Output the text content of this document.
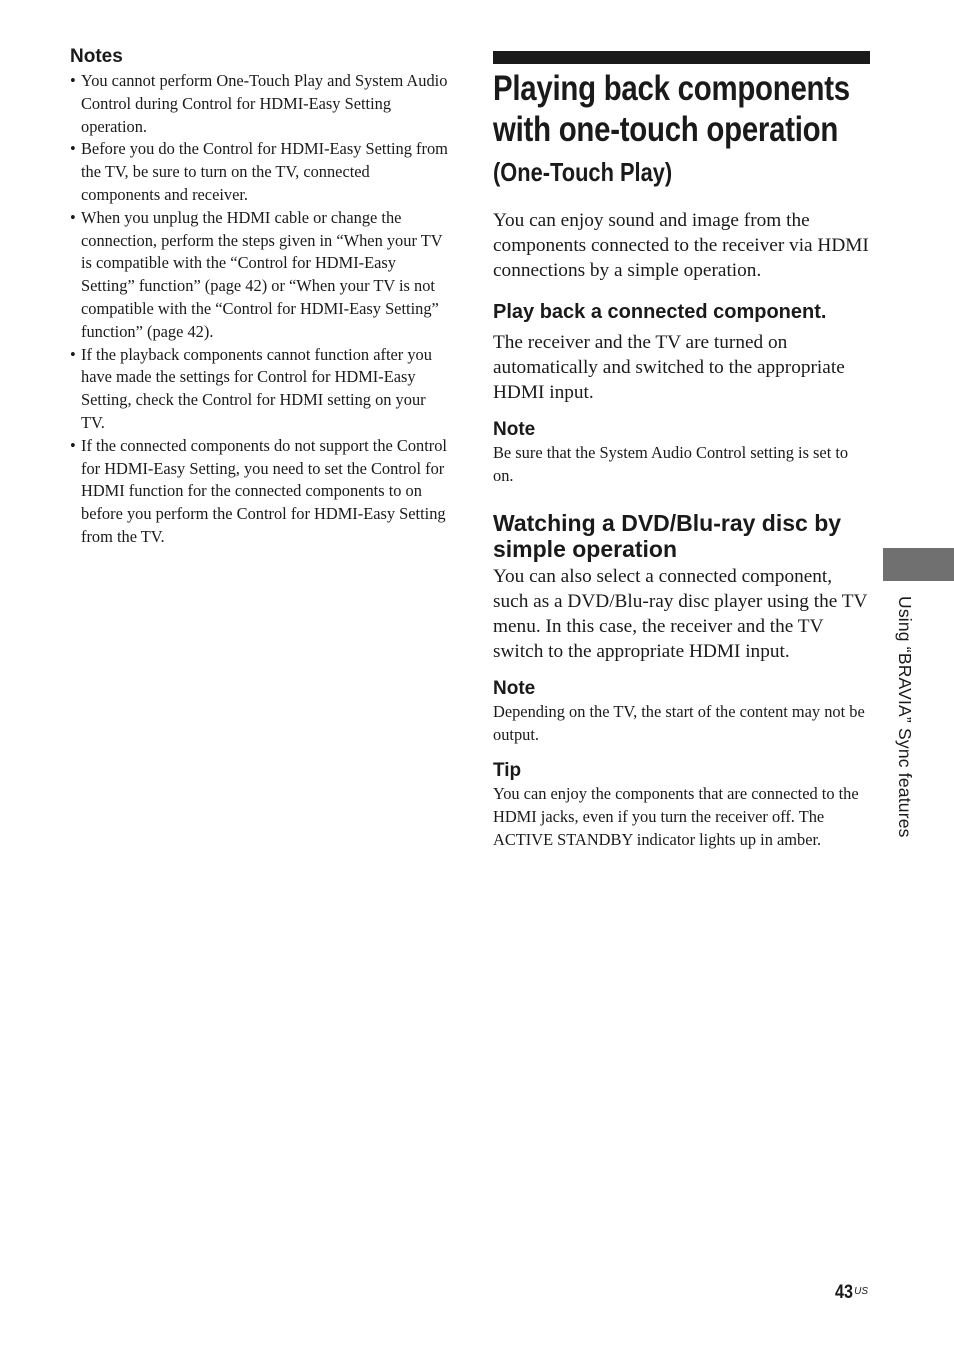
Notes
• You cannot perform One-Touch Play and System Audio Control during Control for HDMI-Easy Setting operation.
• Before you do the Control for HDMI-Easy Setting from the TV, be sure to turn on the TV, connected components and receiver.
• When you unplug the HDMI cable or change the connection, perform the steps given in “When your TV is compatible with the “Control for HDMI-Easy Setting” function” (page 42) or “When your TV is not compatible with the “Control for HDMI-Easy Setting” function” (page 42).
• If the playback components cannot function after you have made the settings for Control for HDMI-Easy Setting, check the Control for HDMI setting on your TV.
• If the connected components do not support the Control for HDMI-Easy Setting, you need to set the Control for HDMI function for the connected components to on before you perform the Control for HDMI-Easy Setting from the TV.
Playing back components
with one-touch operation
(One-Touch Play)

You can enjoy sound and image from the components connected to the receiver via HDMI connections by a simple operation.

Play back a connected component.

The receiver and the TV are turned on automatically and switched to the appropriate HDMI input.

Note

Be sure that the System Audio Control setting is set to on.

Watching a DVD/Blu-ray disc by simple operation

You can also select a connected component, such as a DVD/Blu-ray disc player using the TV menu. In this case, the receiver and the TV switch to the appropriate HDMI input.

Note

Depending on the TV, the start of the content may not be output.

Tip

You can enjoy the components that are connected to the HDMI jacks, even if you turn the receiver off. The ACTIVE STANDBY indicator lights up in amber.

Using “BRAVIA” Sync features
$43^{US}$
